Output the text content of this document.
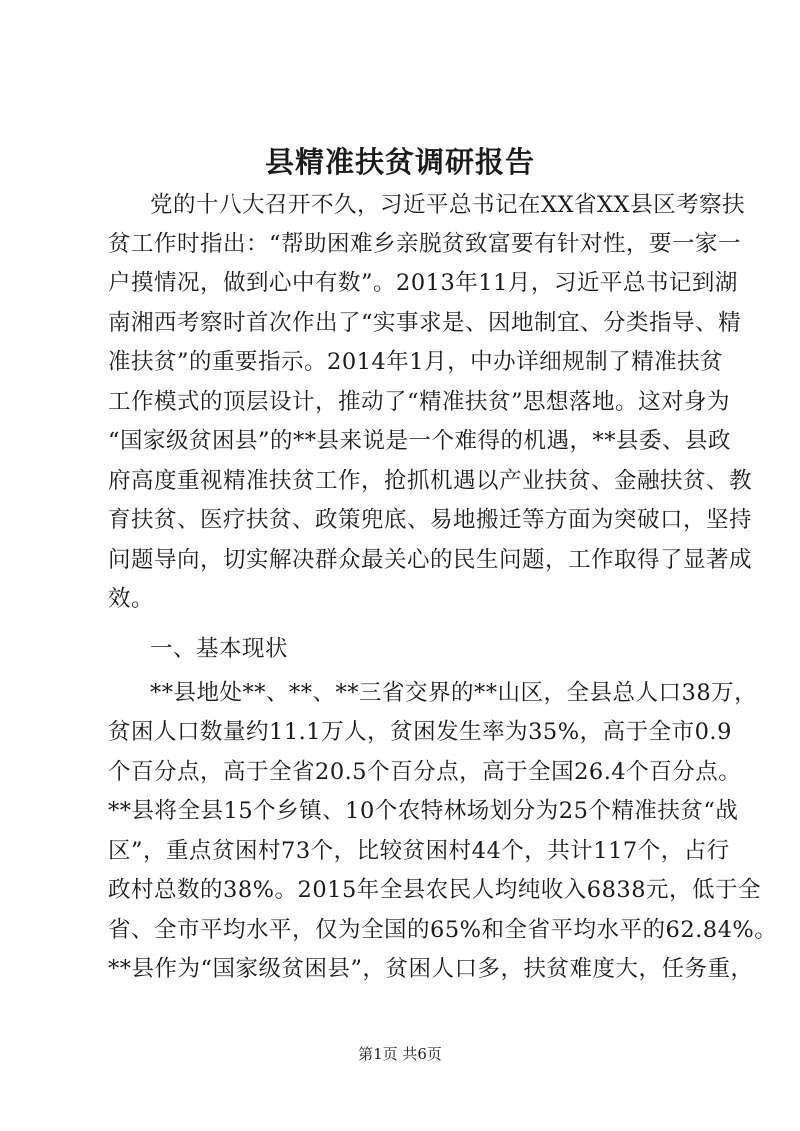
县精准扶贫调研报告

党的十八大召开不久，习近平总书记在XX省XX县区考察扶

贫工作时指出：“帮助困难乡亲脱贫致富要有针对性，要一家一

户摸情况，做到心中有数”。2013年11月，习近平总书记到湖

南湘西考察时首次作出了“实事求是、因地制宜、分类指导、精

准扶贫”的重要指示。2014年1月，中办详细规制了精准扶贫

工作模式的顶层设计，推动了“精准扶贫”思想落地。这对身为

“国家级贫困县”的**县来说是一个难得的机遇，**县委、县政

府高度重视精准扶贫工作，抢抓机遇以产业扶贫、金融扶贫、教

育扶贫、医疗扶贫、政策兜底、易地搬迁等方面为突破口，坚持

问题导向，切实解决群众最关心的民生问题，工作取得了显著成

效。

一、基本现状

**县地处**、**、**三省交界的**山区，全县总人口38万，

贫困人口数量约11.1万人，贫困发生率为35%，高于全市0.9

个百分点，高于全省20.5个百分点，高于全国26.4个百分点。

**县将全县15个乡镇、10个农特林场划分为25个精准扶贫“战

区”，重点贫困村73个，比较贫困村44个，共计117个，占行

政村总数的38%。2015年全县农民人均纯收入6838元，低于全

省、全市平均水平，仅为全国的65%和全省平均水平的62.84%。

**县作为“国家级贫困县”，贫困人口多，扶贫难度大，任务重，

第1页 共6页
